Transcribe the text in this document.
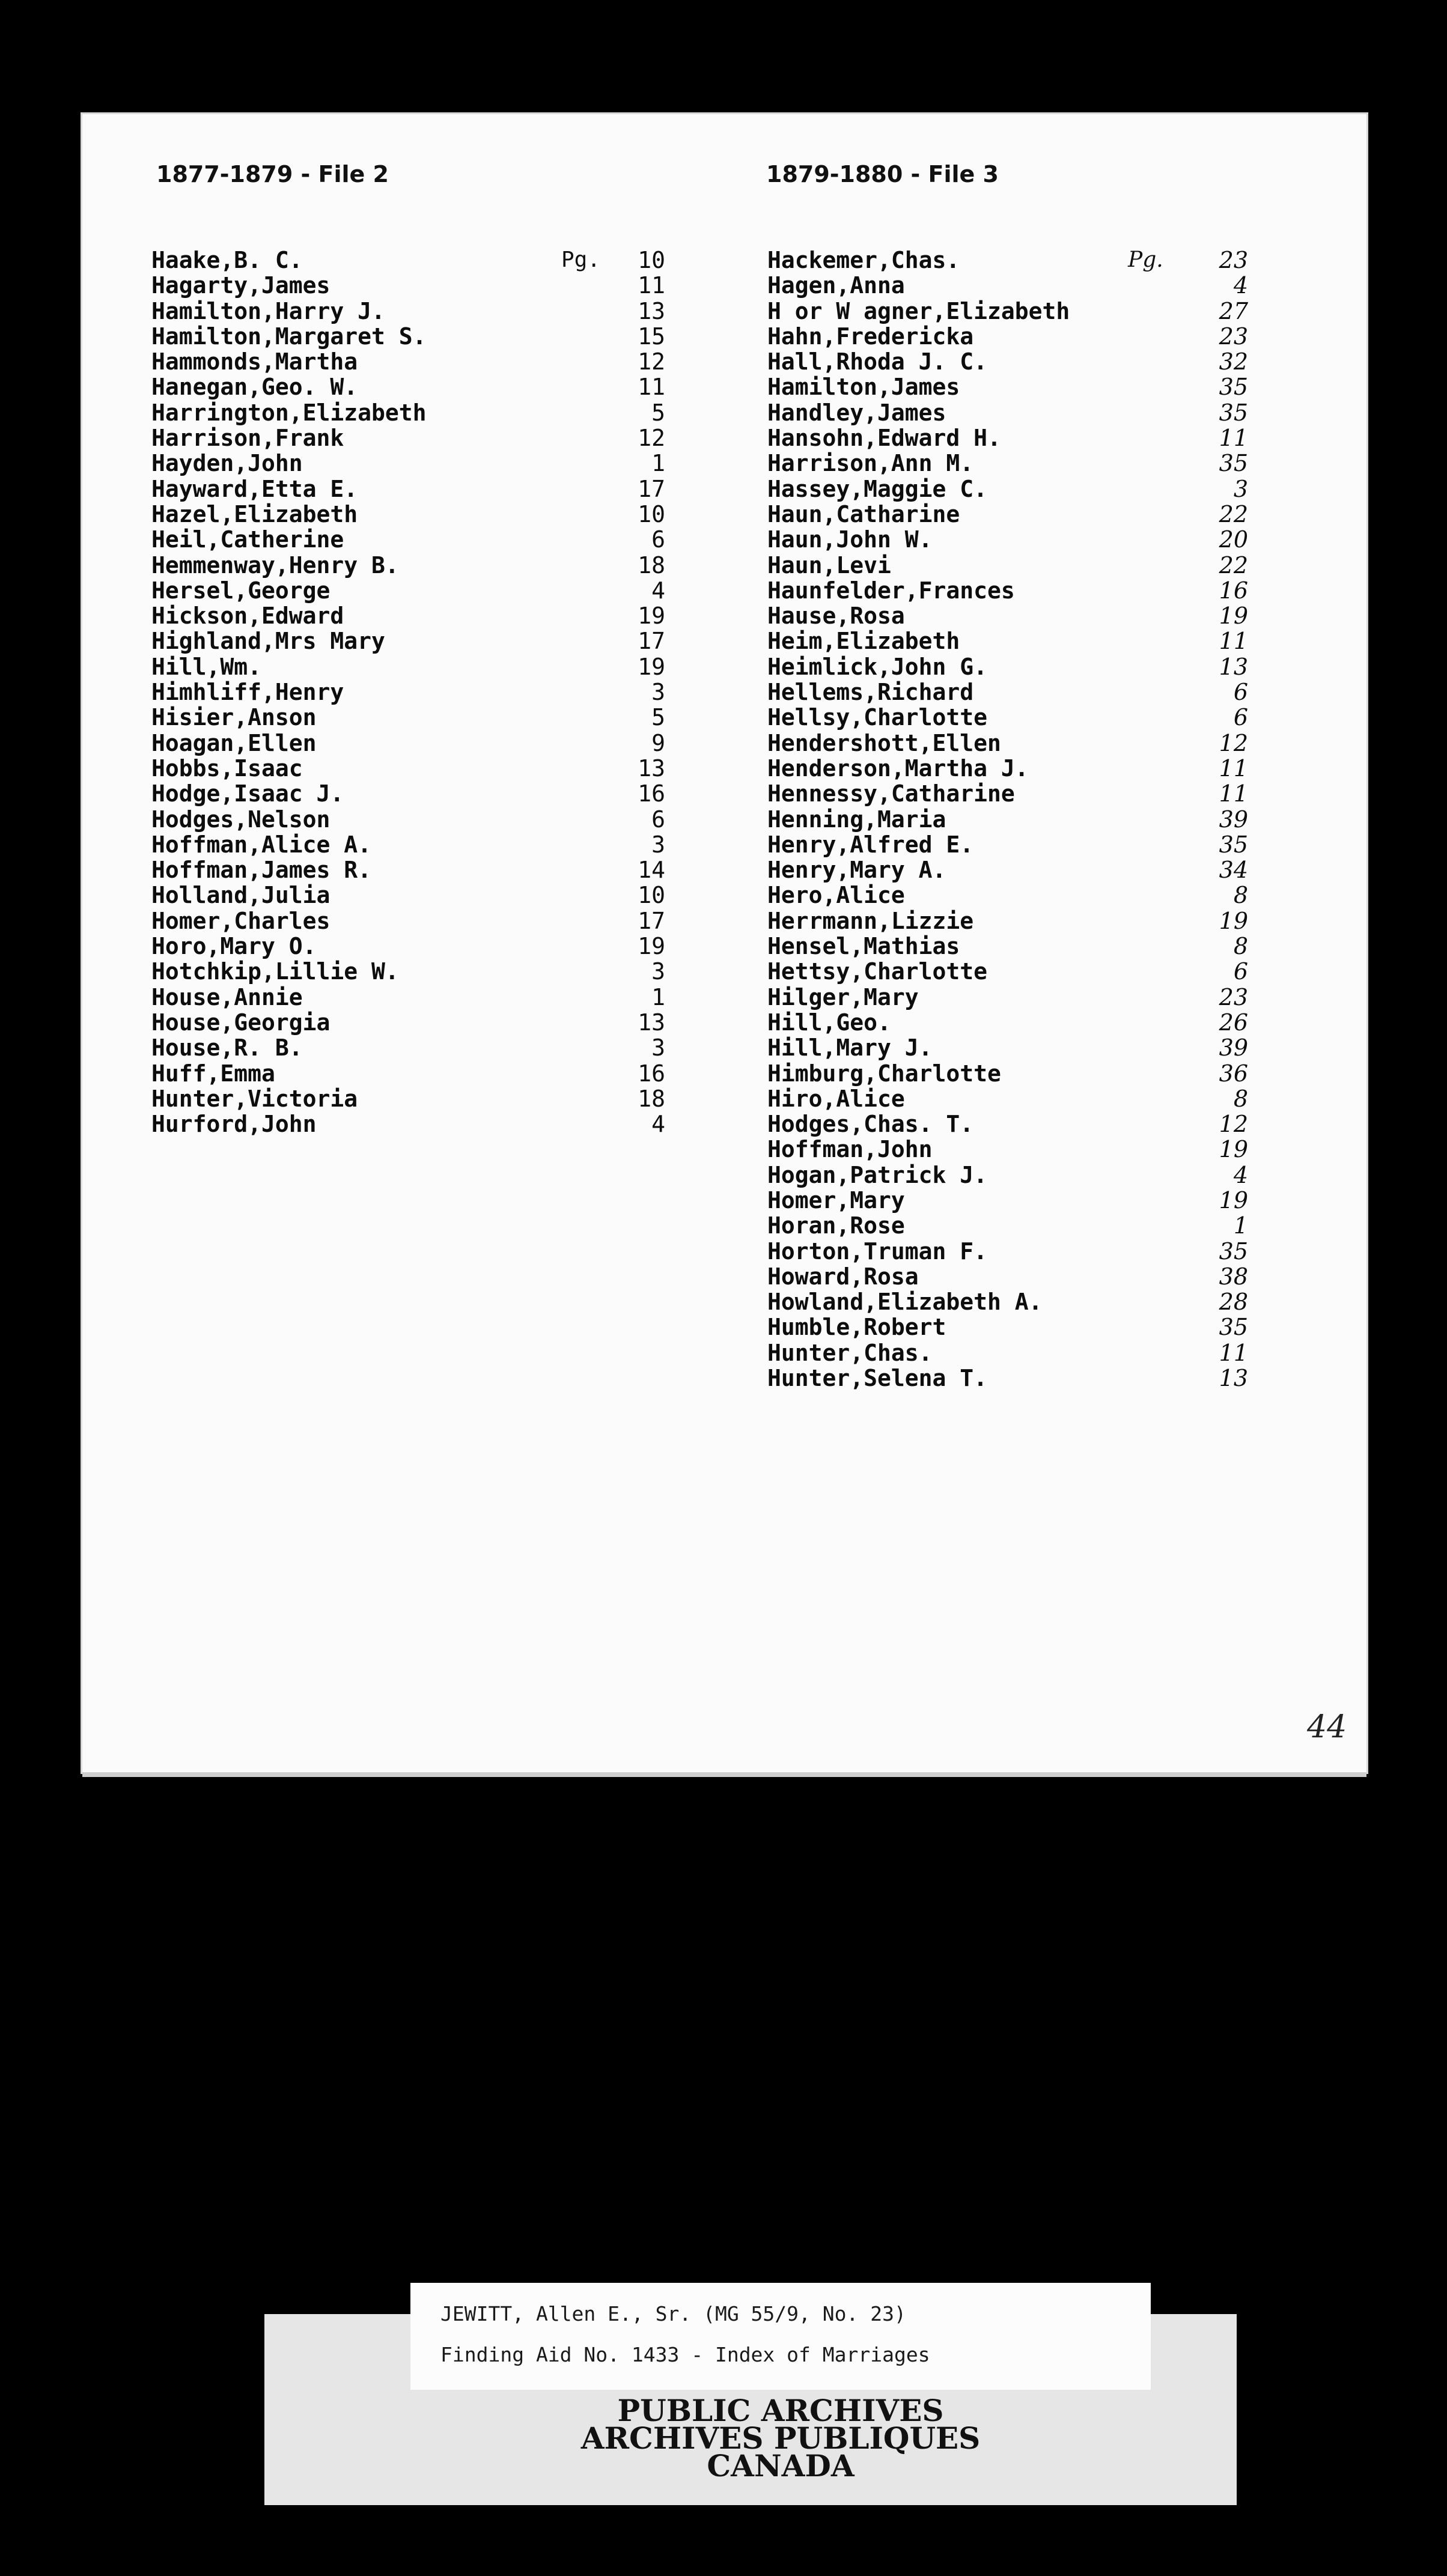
1877-1879 - File 2	1879-1880 - File 3
Haake,B. C.	Pg.	10
Hagarty,James	11
Hamilton,Harry J.	13
Hamilton,Margaret S.	15
Hammonds,Martha	12
Hanegan,Geo. W.	11
Harrington,Elizabeth	5
Harrison,Frank	12
Hayden,John	1
Hayward,Etta E.	17
Hazel,Elizabeth	10
Heil,Catherine	6
Hemmenway,Henry B.	18
Hersel,George	4
Hickson,Edward	19
Highland,Mrs Mary	17
Hill,Wm.	19
Himhliff,Henry	3
Hisier,Anson	5
Hoagan,Ellen	9
Hobbs,Isaac	13
Hodge,Isaac J.	16
Hodges,Nelson	6
Hoffman,Alice A.	3
Hoffman,James R.	14
Holland,Julia	10
Homer,Charles	17
Horo,Mary O.	19
Hotchkip,Lillie W.	3
House,Annie	1
House,Georgia	13
House,R. B.	3
Huff,Emma	16
Hunter,Victoria	18
Hurford,John	4
Hackemer,Chas.	Pg.	23
Hagen,Anna	4
H or W agner,Elizabeth	27
Hahn,Fredericka	23
Hall,Rhoda J. C.	32
Hamilton,James	35
Handley,James	35
Hansohn,Edward H.	11
Harrison,Ann M.	35
Hassey,Maggie C.	3
Haun,Catharine	22
Haun,John W.	20
Haun,Levi	22
Haunfelder,Frances	16
Hause,Rosa	19
Heim,Elizabeth	11
Heimlick,John G.	13
Hellems,Richard	6
Hellsy,Charlotte	6
Hendershott,Ellen	12
Henderson,Martha J.	11
Hennessy,Catharine	11
Henning,Maria	39
Henry,Alfred E.	35
Henry,Mary A.	34
Hero,Alice	8
Herrmann,Lizzie	19
Hensel,Mathias	8
Hettsy,Charlotte	6
Hilger,Mary	23
Hill,Geo.	26
Hill,Mary J.	39
Himburg,Charlotte	36
Hiro,Alice	8
Hodges,Chas. T.	12
Hoffman,John	19
Hogan,Patrick J.	4
Homer,Mary	19
Horan,Rose	1
Horton,Truman F.	35
Howard,Rosa	38
Howland,Elizabeth A.	28
Humble,Robert	35
Hunter,Chas.	11
Hunter,Selena T.	13
44
JEWITT, Allen E., Sr. (MG 55/9, No. 23)
Finding Aid No. 1433 - Index of Marriages
PUBLIC ARCHIVES
ARCHIVES PUBLIQUES
CANADA
